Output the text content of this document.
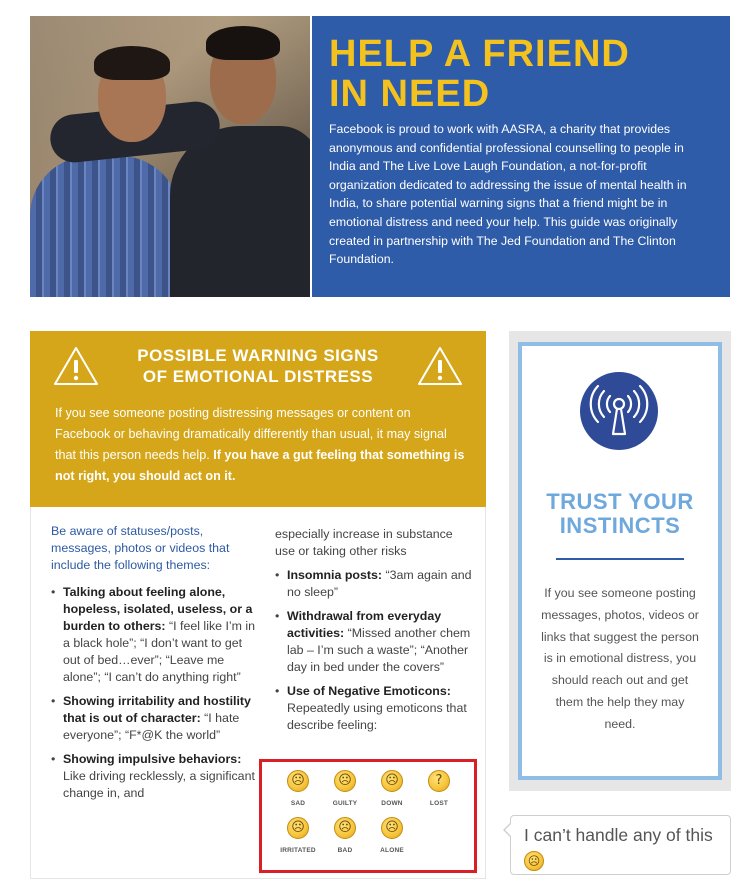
HELP A FRIEND
IN NEED

Facebook is proud to work with AASRA, a charity that provides anonymous and confidential professional counselling to people in India and The Live Love Laugh Foundation, a not-for-profit organization dedicated to addressing the issue of mental health in India, to share potential warning signs that a friend might be in emotional distress and need your help. This guide was originally created in partnership with The Jed Foundation and The Clinton Foundation.

POSSIBLE WARNING SIGNS
OF EMOTIONAL DISTRESS

If you see someone posting distressing messages or content on Facebook or behaving dramatically differently than usual, it may signal that this person needs help. If you have a gut feeling that something is not right, you should act on it.

Be aware of statuses/posts, messages, photos or videos that include the following themes:
• Talking about feeling alone, hopeless, isolated, useless, or a burden to others: “I feel like I’m in a black hole”; “I don’t want to get out of bed…ever”; “Leave me alone”; “I can’t do anything right”
• Showing irritability and hostility that is out of character: “I hate everyone”; “F*@K the world”
• Showing impulsive behaviors: Like driving recklessly, a significant change in, and
especially increase in substance use or taking other risks
• Insomnia posts: “3am again and no sleep”
• Withdrawal from everyday activities: “Missed another chem lab – I’m such a waste”; “Another day in bed under the covers”
• Use of Negative Emoticons: Repeatedly using emoticons that describe feeling:
☹
SAD
☹
GUILTY
☹
DOWN
?
LOST
☹
IRRITATED
☹
BAD
☹
ALONE
TRUST YOUR
INSTINCTS

If you see someone posting messages, photos, videos or links that suggest the person is in emotional distress, you should reach out and get them the help they may need.

I can’t handle any of this ☹
